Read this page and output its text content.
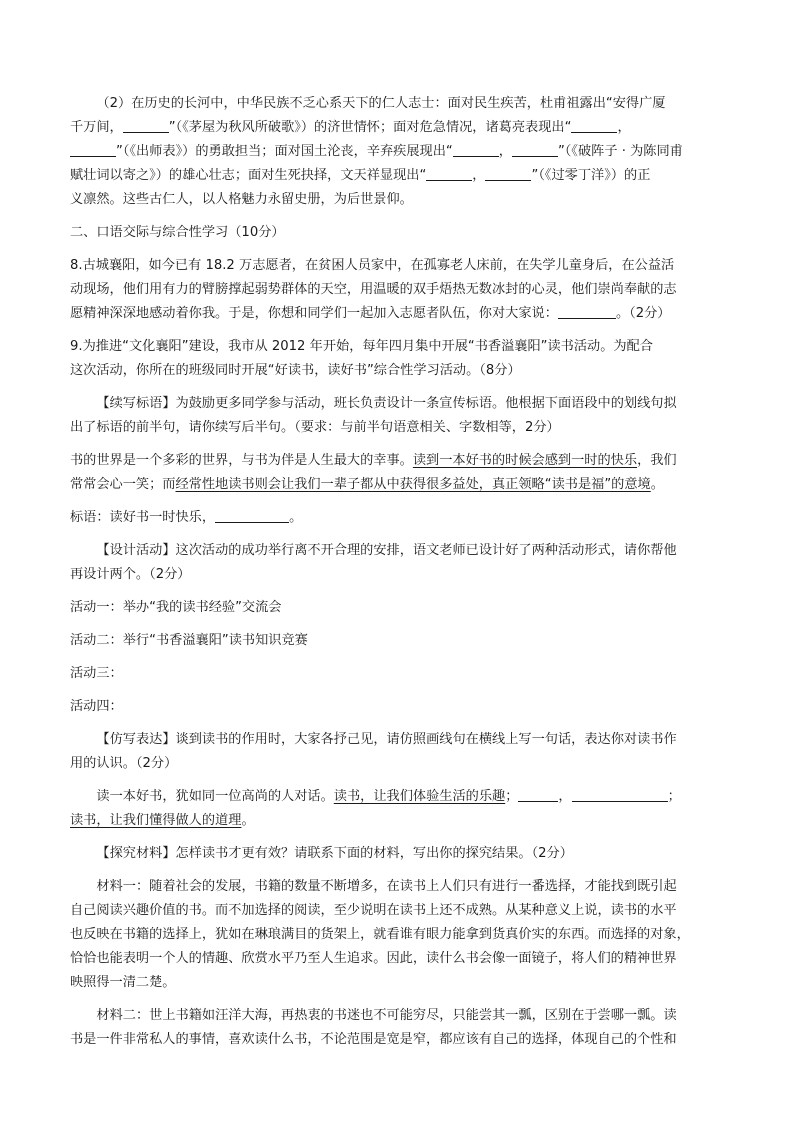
（2）在历史的长河中，中华民族不乏心系天下的仁人志士：面对民生疾苦，杜甫祖露出“安得广厦

千万间，	”（《茅屋为秋风所破歌》）的济世情怀；面对危急情况，诸葛亮表现出“	，

”（《出师表》）的勇敢担当；面对国土沦丧，辛弃疾展现出“	，	”（《破阵子 · 为陈同甫

赋壮词以寄之》）的雄心壮志；面对生死抉择，文天祥显现出“	，	”（《过零丁洋》）的正

义凛然。这些古仁人，以人格魅力永留史册，为后世景仰。

二、口语交际与综合性学习（10分）

8.古城襄阳，如今已有 18.2 万志愿者，在贫困人员家中，在孤寡老人床前，在失学儿童身后，在公益活

动现场，他们用有力的臂膀撑起弱势群体的天空，用温暖的双手焐热无数冰封的心灵，他们崇尚奉献的志

愿精神深深地感动着你我。于是，你想和同学们一起加入志愿者队伍，你对大家说：	。（2分）

9.为推进“文化襄阳”建设，我市从 2012 年开始，每年四月集中开展“书香溢襄阳”读书活动。为配合

这次活动，你所在的班级同时开展“好读书，读好书”综合性学习活动。（8分）

【续写标语】为鼓励更多同学参与活动，班长负责设计一条宣传标语。他根据下面语段中的划线句拟

出了标语的前半句，请你续写后半句。（要求：与前半句语意相关、字数相等，2分）

书的世界是一个多彩的世界，与书为伴是人生最大的幸事。读到一本好书的时候会感到一时的快乐，我们

常常会心一笑；而经常性地读书则会让我们一辈子都从中获得很多益处，真正领略“读书是福”的意境。

标语：读好书一时快乐，	。

【设计活动】这次活动的成功举行离不开合理的安排，语文老师已设计好了两种活动形式，请你帮他

再设计两个。（2分）

活动一：举办“我的读书经验”交流会

活动二：举行“书香溢襄阳”读书知识竞赛

活动三：

活动四：

【仿写表达】谈到读书的作用时，大家各抒己见，请仿照画线句在横线上写一句话，表达你对读书作

用的认识。（2分）

读一本好书，犹如同一位高尚的人对话。读书，让我们体验生活的乐趣；	，	；

读书，让我们懂得做人的道理。

【探究材料】怎样读书才更有效？请联系下面的材料，写出你的探究结果。（2分）

材料一：随着社会的发展，书籍的数量不断增多，在读书上人们只有进行一番选择，才能找到既引起

自己阅读兴趣价值的书。而不加选择的阅读，至少说明在读书上还不成熟。从某种意义上说，读书的水平

也反映在书籍的选择上，犹如在琳琅满目的货架上，就看谁有眼力能拿到货真价实的东西。而选择的对象，

恰恰也能表明一个人的情趣、欣赏水平乃至人生追求。因此，读什么书会像一面镜子，将人们的精神世界

映照得一清二楚。

材料二：世上书籍如汪洋大海，再热衷的书迷也不可能穷尽，只能尝其一瓢，区别在于尝哪一瓢。读

书是一件非常私人的事情，喜欢读什么书，不论范围是宽是窄，都应该有自己的选择，体现自己的个性和
